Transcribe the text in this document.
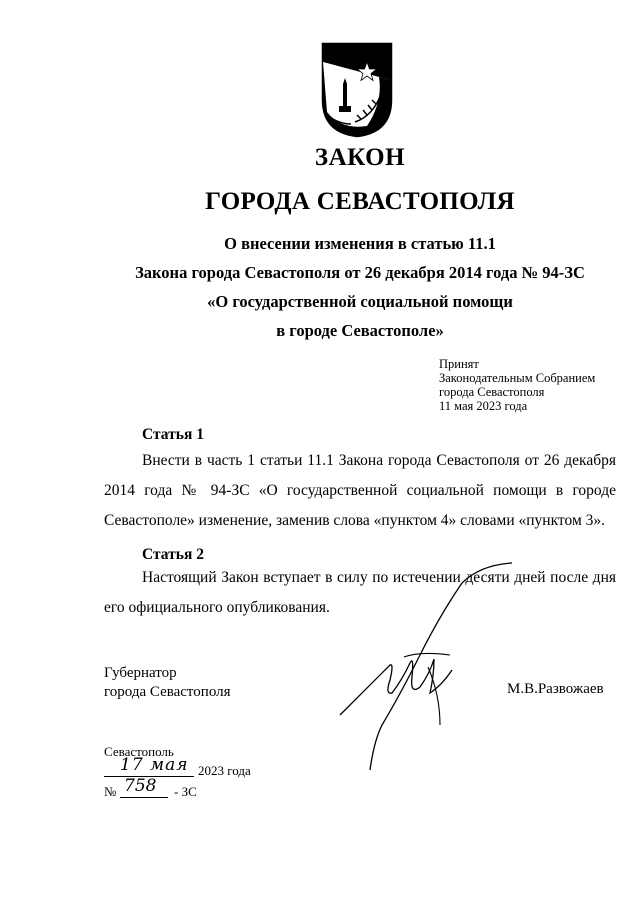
ЗАКОН
ГОРОДА СЕВАСТОПОЛЯ
О внесении изменения в статью 11.1
Закона города Севастополя от 26 декабря 2014 года № 94-ЗС
«О государственной социальной помощи
в городе Севастополе»
Принят
Законодательным Собранием
города Севастополя
11 мая 2023 года
Статья 1
Внести в часть 1 статьи 11.1 Закона города Севастополя от 26 декабря 2014 года № 94-ЗС «О государственной социальной помощи в городе Севастополе» изменение, заменив слова «пунктом 4» словами «пунктом 3».
Статья 2
Настоящий Закон вступает в силу по истечении десяти дней после дня его официального опубликования.
Губернатор
города Севастополя	М.В.Развожаев
Севастополь
17 мая 2023 года
№ 758 - ЗС
